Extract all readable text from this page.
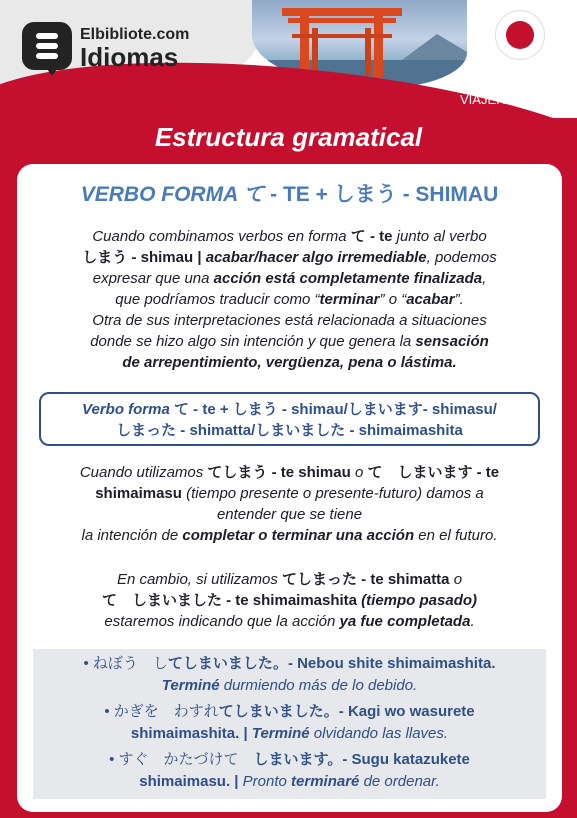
Elbibliote.com
Idiomas
JAPONÉS
VIAJEROS
Estructura gramatical
VERBO FORMA て - TE + しまう - SHIMAU
Cuando combinamos verbos en forma て - te junto al verbo
しまう - shimau | acabar/hacer algo irremediable, podemos
expresar que una acción está completamente finalizada,
que podríamos traducir como “terminar” o “acabar”.
Otra de sus interpretaciones está relacionada a situaciones
donde se hizo algo sin intención y que genera la sensación
de arrepentimiento, vergüenza, pena o lástima.
Verbo forma て - te + しまう - shimau/しまいます- shimasu/
しまった - shimatta/しまいました - shimaimashita
Cuando utilizamos てしまう - te shimau o て　しまいます - te
shimaimasu (tiempo presente o presente-futuro) damos a
entender que se tiene
la intención de completar o terminar una acción en el futuro.
En cambio, si utilizamos てしまった - te shimatta o
て　しまいました - te shimaimashita (tiempo pasado)
estaremos indicando que la acción ya fue completada.
• ねぼう　してしまいました。- Nebou shite shimaimashita.
Terminé durmiendo más de lo debido.
• かぎを　わすれてしまいました。- Kagi wo wasurete
shimaimashita. | Terminé olvidando las llaves.
• すぐ　かたづけて　しまいます。- Sugu katazukete
shimaimasu. | Pronto terminaré de ordenar.
